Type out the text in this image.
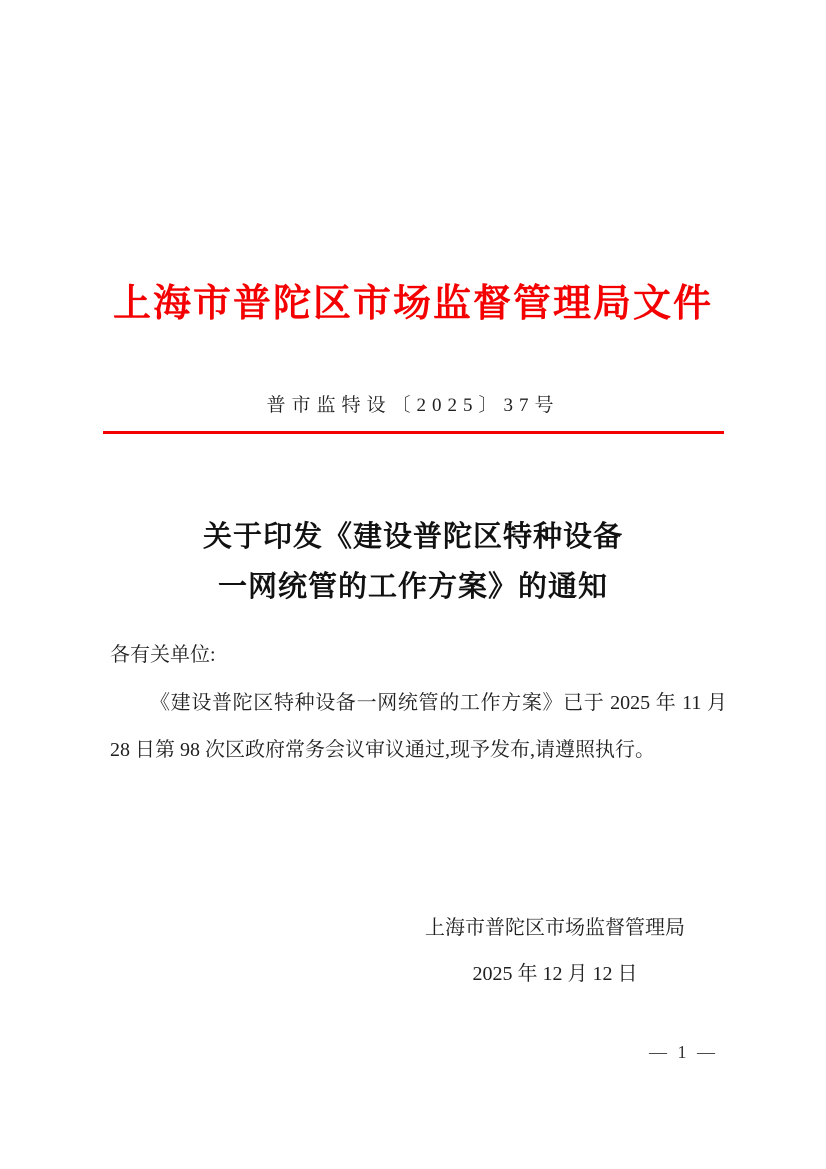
上海市普陀区市场监督管理局文件
普市监特设〔2025〕37号
关于印发《建设普陀区特种设备
一网统管的工作方案》的通知
各有关单位:

《建设普陀区特种设备一网统管的工作方案》已于 2025 年 11 月 28 日第 98 次区政府常务会议审议通过,现予发布,请遵照执行。

上海市普陀区市场监督管理局
2025 年 12 月 12 日
— 1 —
